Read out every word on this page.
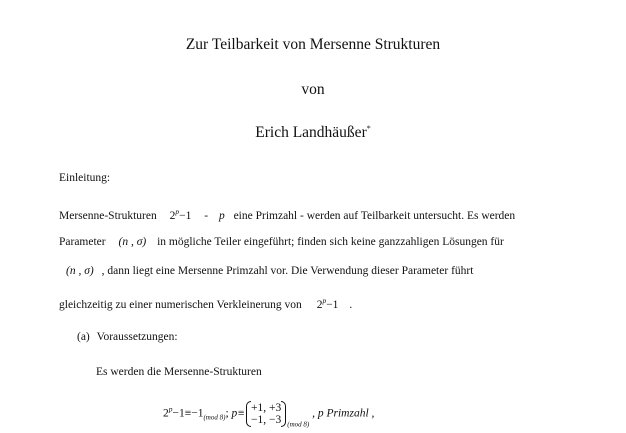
Zur Teilbarkeit von Mersenne Strukturen
von
Erich Landhäußer*
Einleitung:
Mersenne-Strukturen $2^p-1 - p$ eine Primzahl - werden auf Teilbarkeit untersucht. Es werden
Parameter (n , σ) in mögliche Teiler eingeführt; finden sich keine ganzzahligen Lösungen für
(n , σ) , dann liegt eine Mersenne Primzahl vor. Die Verwendung dieser Parameter führt
gleichzeitig zu einer numerischen Verkleinerung von $2^p-1$ .
(a) Voraussetzungen:
Es werden die Mersenne-Strukturen
$2^p-1\equiv-1_{(mod 8)}$; p≡ +1, +3
−1, −3 $_{(mod 8)}$ , p Primzahl ,
